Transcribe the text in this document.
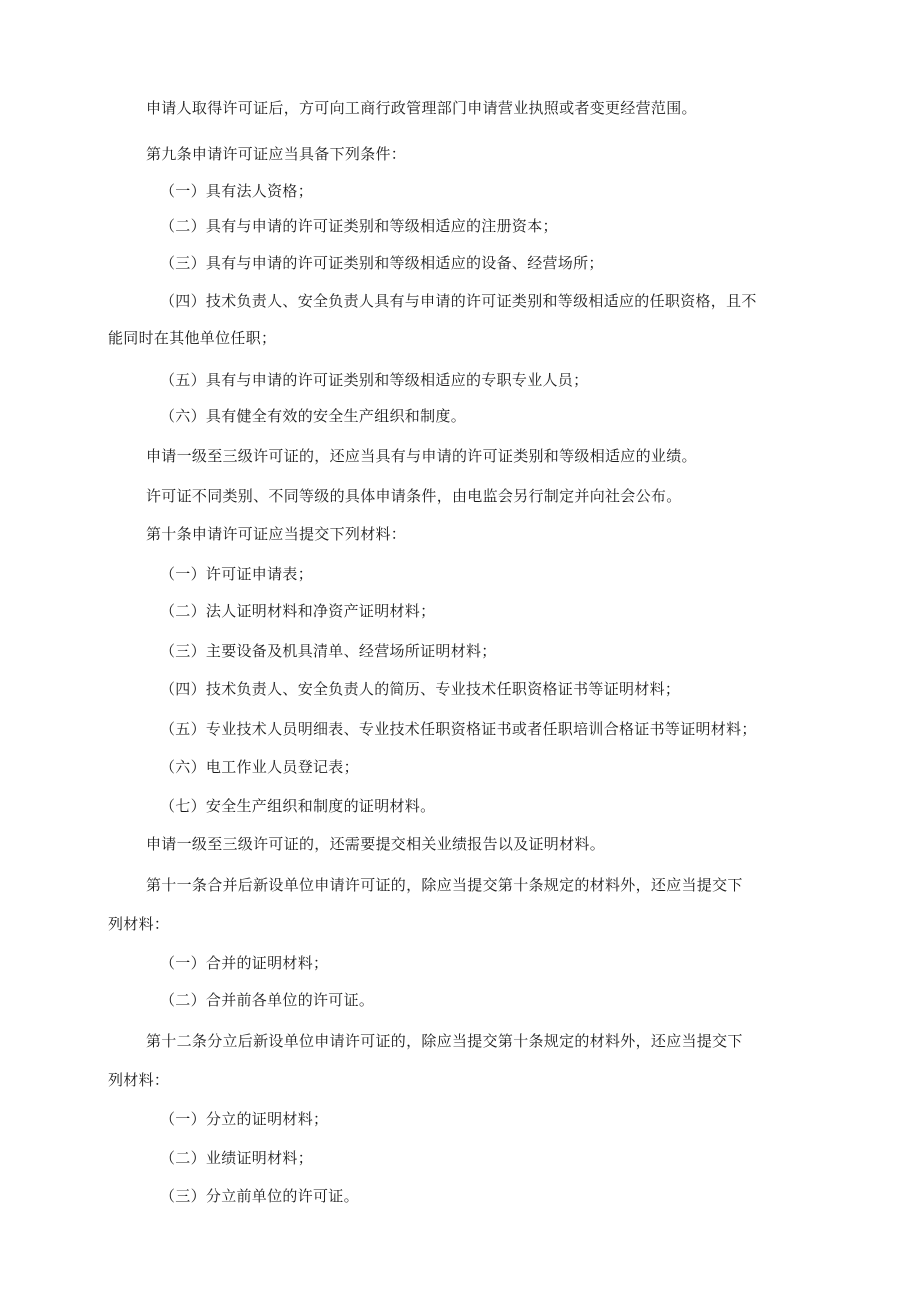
申请人取得许可证后，方可向工商行政管理部门申请营业执照或者变更经营范围。
第九条申请许可证应当具备下列条件：
（一）具有法人资格；
（二）具有与申请的许可证类别和等级相适应的注册资本；
（三）具有与申请的许可证类别和等级相适应的设备、经营场所；
（四）技术负责人、安全负责人具有与申请的许可证类别和等级相适应的任职资格，且不
能同时在其他单位任职；
（五）具有与申请的许可证类别和等级相适应的专职专业人员；
（六）具有健全有效的安全生产组织和制度。
申请一级至三级许可证的，还应当具有与申请的许可证类别和等级相适应的业绩。
许可证不同类别、不同等级的具体申请条件，由电监会另行制定并向社会公布。
第十条申请许可证应当提交下列材料：
（一）许可证申请表；
（二）法人证明材料和净资产证明材料；
（三）主要设备及机具清单、经营场所证明材料；
（四）技术负责人、安全负责人的简历、专业技术任职资格证书等证明材料；
（五）专业技术人员明细表、专业技术任职资格证书或者任职培训合格证书等证明材料；
（六）电工作业人员登记表；
（七）安全生产组织和制度的证明材料。
申请一级至三级许可证的，还需要提交相关业绩报告以及证明材料。
第十一条合并后新设单位申请许可证的，除应当提交第十条规定的材料外，还应当提交下
列材料：
（一）合并的证明材料；
（二）合并前各单位的许可证。
第十二条分立后新设单位申请许可证的，除应当提交第十条规定的材料外，还应当提交下
列材料：
（一）分立的证明材料；
（二）业绩证明材料；
（三）分立前单位的许可证。
